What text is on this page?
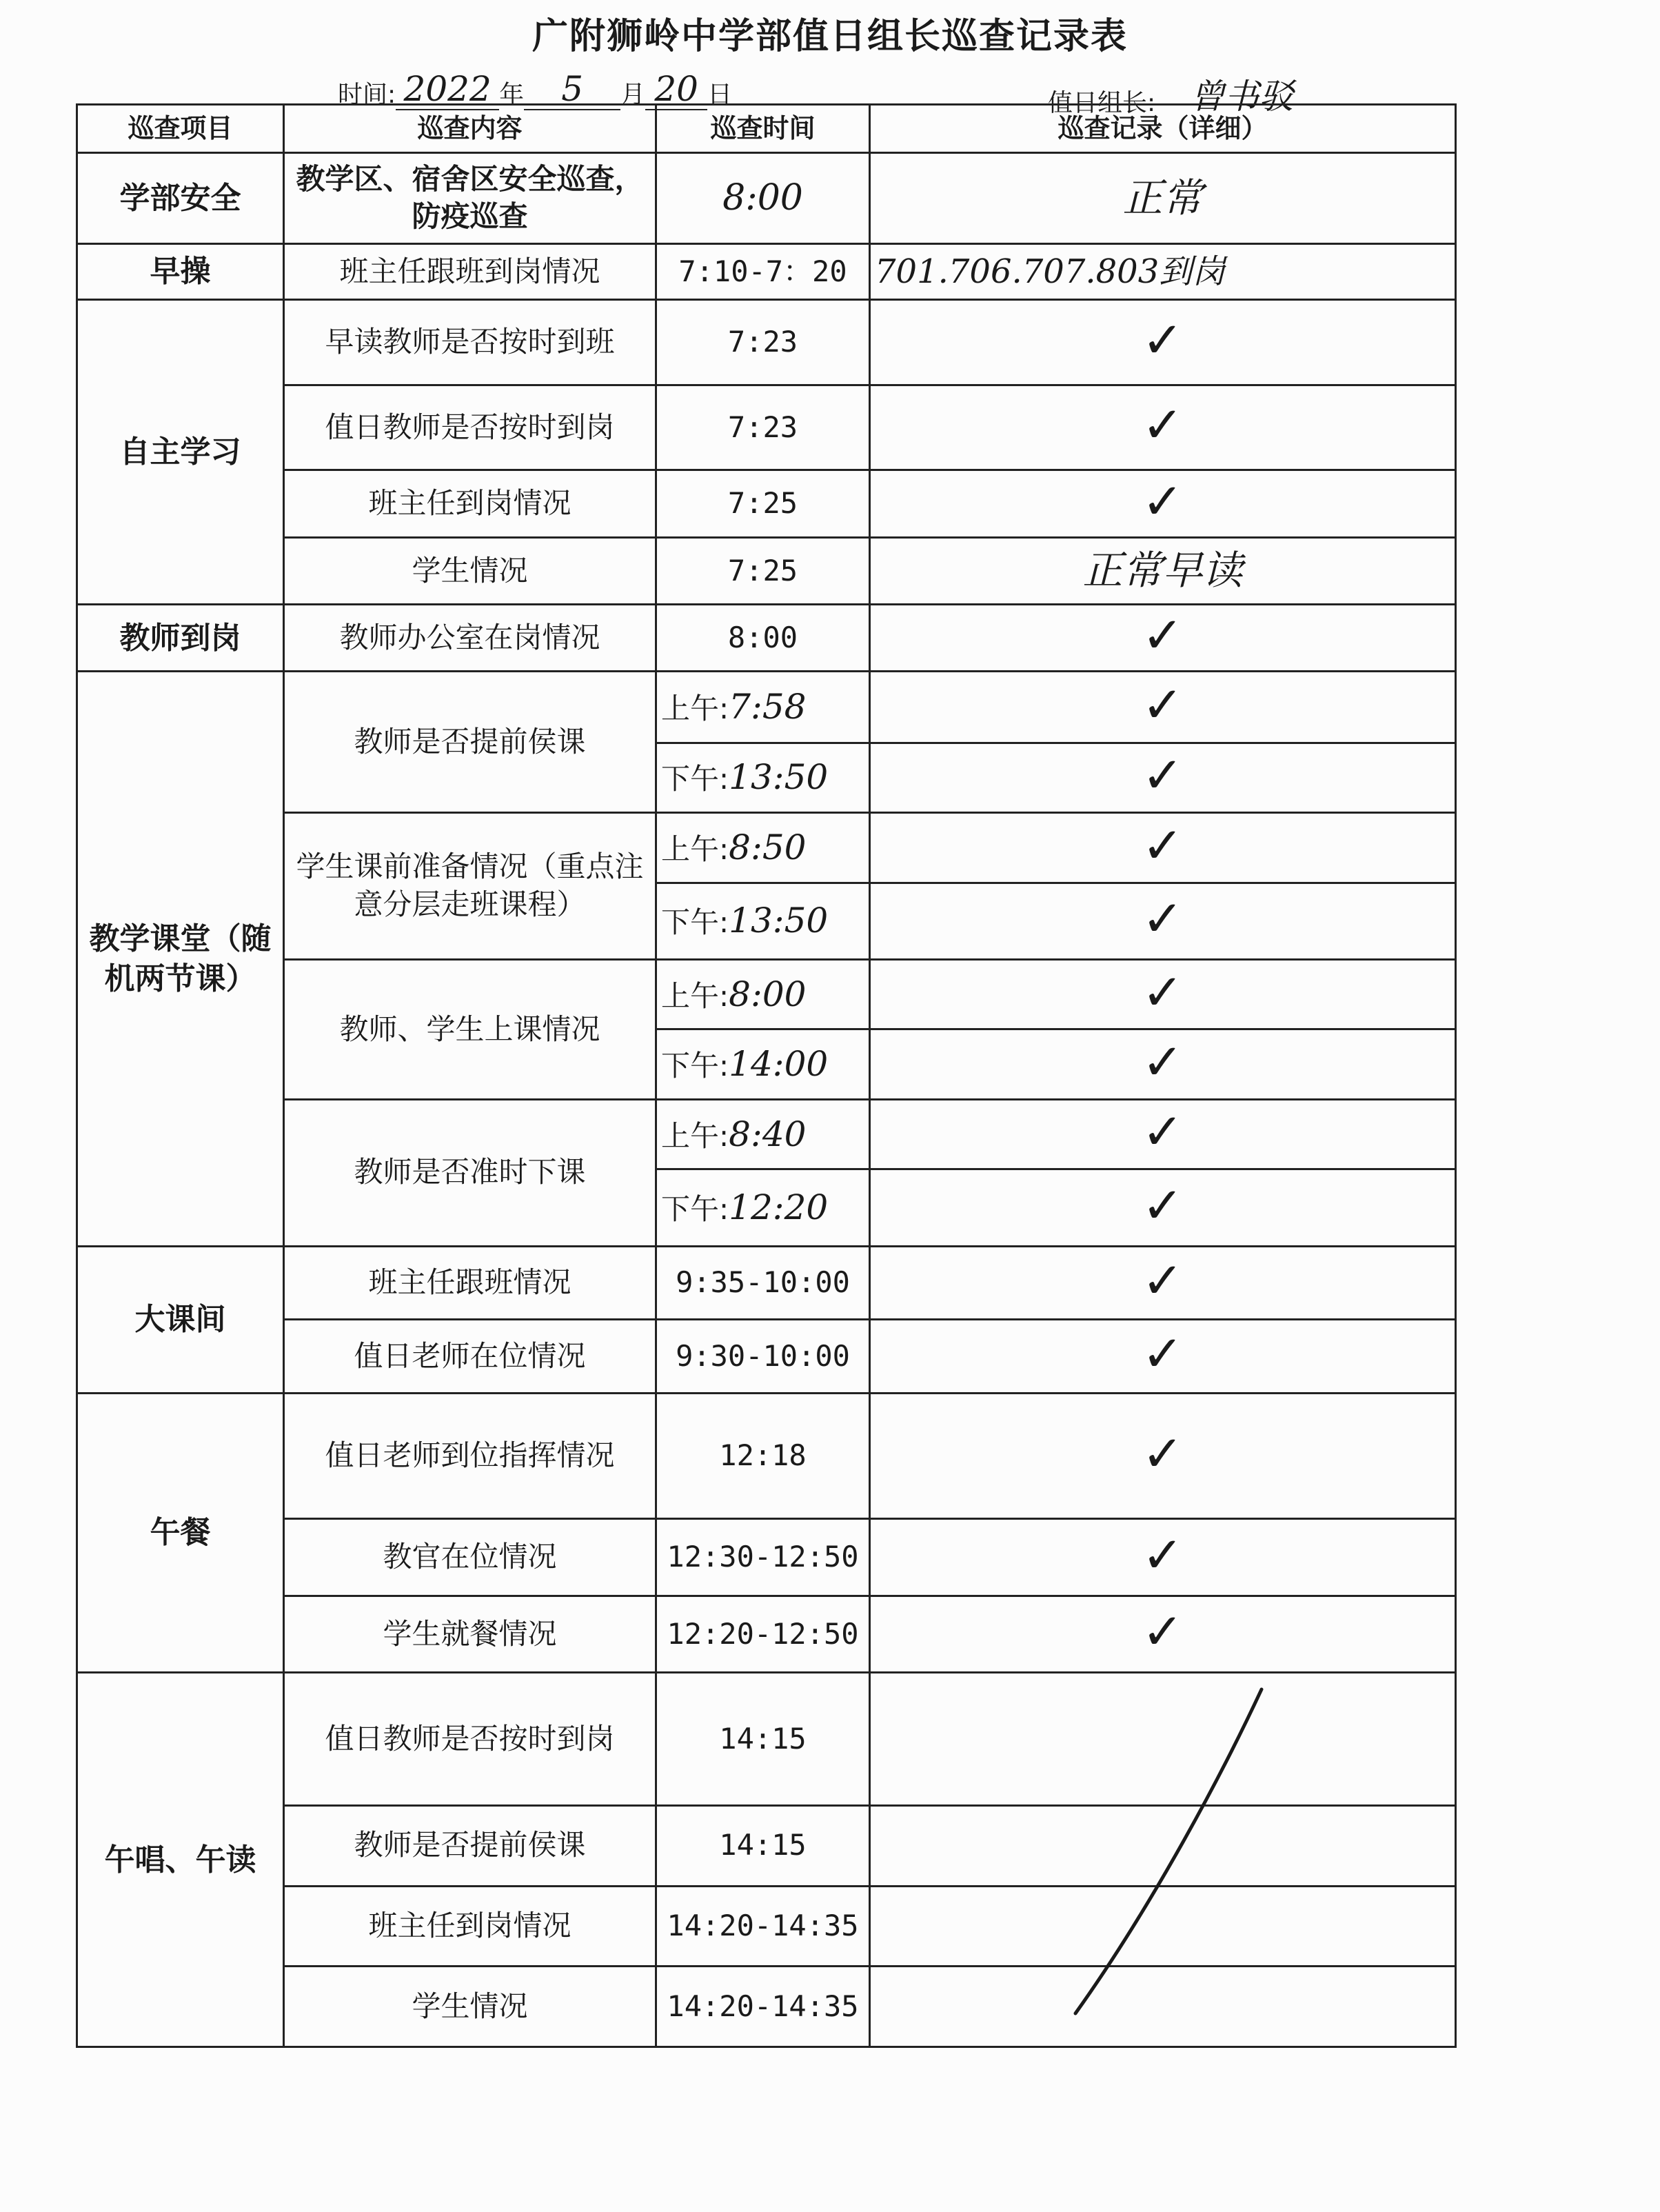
广附狮岭中学部值日组长巡查记录表
时间: 2022 年	5	月 20 日	值日组长:	曾书驳
巡查项目	巡查内容	巡查时间	巡查记录（详细）
学部安全	教学区、宿舍区安全巡查，防疫巡查	8:00	正常
早操	班主任跟班到岗情况	7:10-7：20	701.706.707.803到岗
自主学习	早读教师是否按时到班	7:23	✓
	值日教师是否按时到岗	7:23	✓
	班主任到岗情况	7:25	✓
	学生情况	7:25	正常早读
教师到岗	教师办公室在岗情况	8:00	✓
教学课堂（随机两节课）	教师是否提前侯课	上午:7:58	✓
		下午:13:50	✓
	学生课前准备情况（重点注意分层走班课程）	上午:8:50	✓
		下午:13:50	✓
	教师、学生上课情况	上午:8:00	✓
		下午:14:00	✓
	教师是否准时下课	上午:8:40	✓
		下午:12:20	✓
大课间	班主任跟班情况	9:35-10:00	✓
	值日老师在位情况	9:30-10:00	✓
午餐	值日老师到位指挥情况	12:18	✓
	教官在位情况	12:30-12:50	✓
	学生就餐情况	12:20-12:50	✓
午唱、午读	值日教师是否按时到岗	14:15	
	教师是否提前侯课	14:15	
	班主任到岗情况	14:20-14:35	
	学生情况	14:20-14:35	
